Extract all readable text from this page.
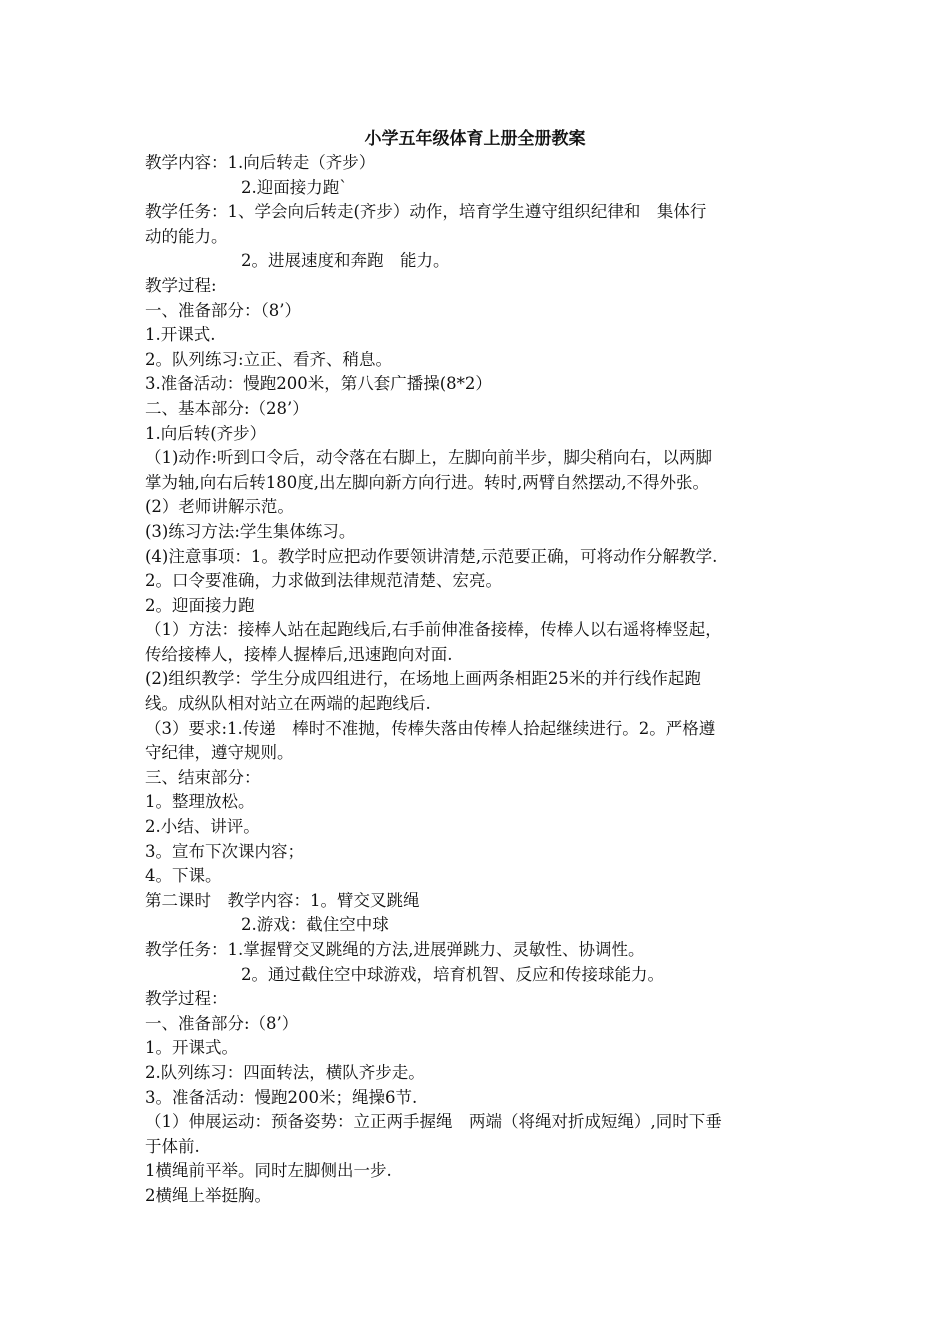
小学五年级体育上册全册教案
教学内容：1.向后转走（齐步）
2.迎面接力跑`
教学任务：1、学会向后转走(齐步）动作，培育学生遵守组织纪律和　集体行
动的能力。
2。进展速度和奔跑　能力。
教学过程:
一、准备部分：（8’）
1.开课式.
2。队列练习:立正、看齐、稍息。
3.准备活动：慢跑200米，第八套广播操(8*2）
二、基本部分:（28’）
1.向后转(齐步）
（1)动作:听到口令后，动令落在右脚上，左脚向前半步，脚尖稍向右，以两脚
掌为轴,向右后转180度,出左脚向新方向行进。转时,两臂自然摆动,不得外张。
(2）老师讲解示范。
(3)练习方法:学生集体练习。
(4)注意事项：1。教学时应把动作要领讲清楚,示范要正确，可将动作分解教学.
2。口令要准确，力求做到法律规范清楚、宏亮。
2。迎面接力跑
（1）方法：接棒人站在起跑线后,右手前伸准备接棒，传棒人以右遥将棒竖起，
传给接棒人，接棒人握棒后,迅速跑向对面.
(2)组织教学：学生分成四组进行，在场地上画两条相距25米的并行线作起跑
线。成纵队相对站立在两端的起跑线后.
（3）要求:1.传递　棒时不准抛，传棒失落由传棒人拾起继续进行。2。严格遵
守纪律，遵守规则。
三、结束部分：
1。整理放松。
2.小结、讲评。
3。宣布下次课内容；
4。下课。
第二课时　教学内容：1。臂交叉跳绳
2.游戏：截住空中球
教学任务：1.掌握臂交叉跳绳的方法,进展弹跳力、灵敏性、协调性。
2。通过截住空中球游戏，培育机智、反应和传接球能力。
教学过程：
一、准备部分:（8’）
1。开课式。
2.队列练习：四面转法，横队齐步走。
3。准备活动：慢跑200米；绳操6节.
（1）伸展运动：预备姿势：立正两手握绳　两端（将绳对折成短绳）,同时下垂
于体前.
1横绳前平举。同时左脚侧出一步.
2横绳上举挺胸。
